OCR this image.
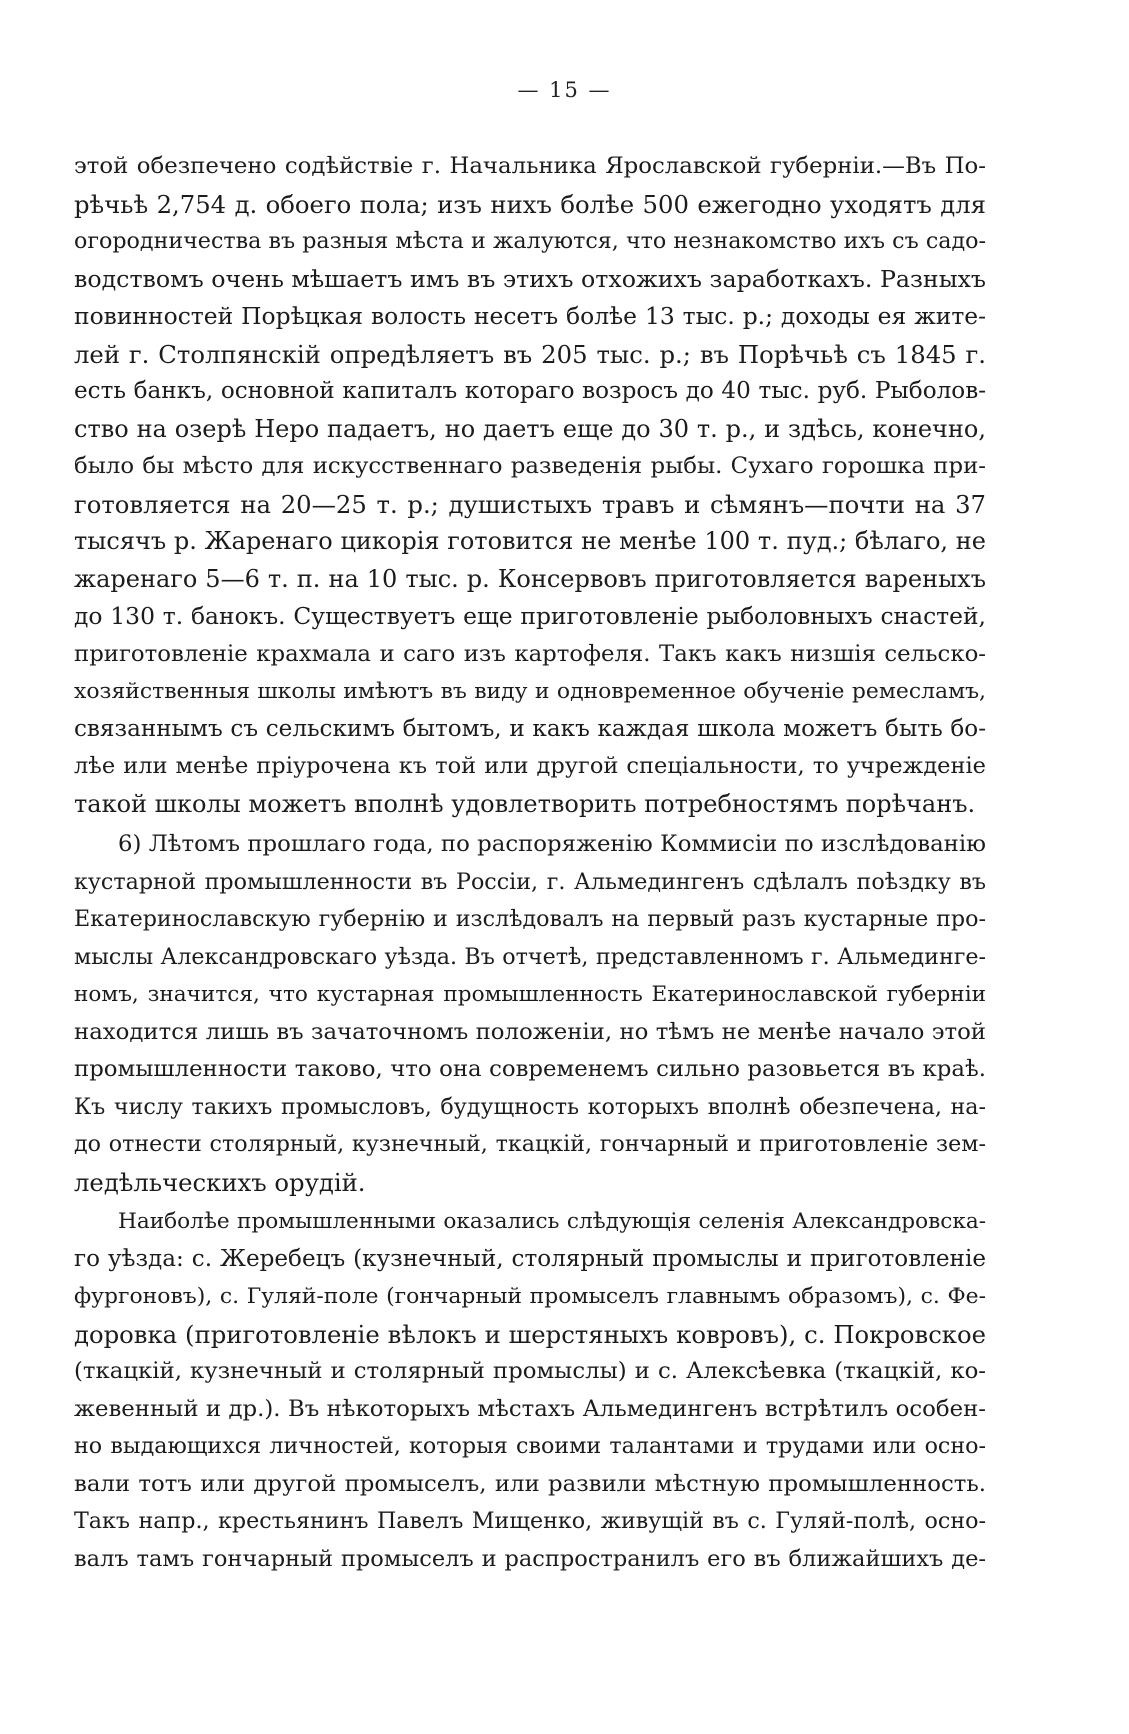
— 15 —
этой обезпечено содѣйствіе г. Начальника Ярославской губерніи.—Въ По-
рѣчьѣ 2,754 д. обоего пола; изъ нихъ болѣе 500 ежегодно уходятъ для
огородничества въ разныя мѣста и жалуются, что незнакомство ихъ съ садо-
водствомъ очень мѣшаетъ имъ въ этихъ отхожихъ заработкахъ. Разныхъ
повинностей Порѣцкая волость несетъ болѣе 13 тыс. р.; доходы ея жите-
лей г. Столпянскій опредѣляетъ въ 205 тыс. р.; въ Порѣчьѣ съ 1845 г.
есть банкъ, основной капиталъ котораго возросъ до 40 тыс. руб. Рыболов-
ство на озерѣ Неро падаетъ, но даетъ еще до 30 т. р., и здѣсь, конечно,
было бы мѣсто для искусственнаго разведенія рыбы. Сухаго горошка при-
готовляется на 20—25 т. р.; душистыхъ травъ и сѣмянъ—почти на 37
тысячъ р. Жаренаго цикорія готовится не менѣе 100 т. пуд.; бѣлаго, не
жаренаго 5—6 т. п. на 10 тыс. р. Консервовъ приготовляется вареныхъ
до 130 т. банокъ. Существуетъ еще приготовленіе рыболовныхъ снастей,
приготовленіе крахмала и саго изъ картофеля. Такъ какъ низшія сельско-
хозяйственныя школы имѣютъ въ виду и одновременное обученіе ремесламъ,
связаннымъ съ сельскимъ бытомъ, и какъ каждая школа можетъ быть бо-
лѣе или менѣе пріурочена къ той или другой спеціальности, то учрежденіе
такой школы можетъ вполнѣ удовлетворить потребностямъ порѣчанъ.
6) Лѣтомъ прошлаго года, по распоряженію Коммисіи по изслѣдованію
кустарной промышленности въ Россіи, г. Альмедингенъ сдѣлалъ поѣздку въ
Екатеринославскую губернію и изслѣдовалъ на первый разъ кустарные про-
мыслы Александровскаго уѣзда. Въ отчетѣ, представленномъ г. Альмединге-
номъ, значится, что кустарная промышленность Екатеринославской губерніи
находится лишь въ зачаточномъ положеніи, но тѣмъ не менѣе начало этой
промышленности таково, что она современемъ сильно разовьется въ краѣ.
Къ числу такихъ промысловъ, будущность которыхъ вполнѣ обезпечена, на-
до отнести столярный, кузнечный, ткацкій, гончарный и приготовленіе зем-
ледѣльческихъ орудій.
Наиболѣе промышленными оказались слѣдующія селенія Александровска-
го уѣзда: с. Жеребецъ (кузнечный, столярный промыслы и приготовленіе
фургоновъ), с. Гуляй-поле (гончарный промыселъ главнымъ образомъ), с. Фе-
доровка (приготовленіе вѣлокъ и шерстяныхъ ковровъ), с. Покровское
(ткацкій, кузнечный и столярный промыслы) и с. Алексѣевка (ткацкій, ко-
жевенный и др.). Въ нѣкоторыхъ мѣстахъ Альмедингенъ встрѣтилъ особен-
но выдающихся личностей, которыя своими талантами и трудами или осно-
вали тотъ или другой промыселъ, или развили мѣстную промышленность.
Такъ напр., крестьянинъ Павелъ Мищенко, живущій въ с. Гуляй-полѣ, осно-
валъ тамъ гончарный промыселъ и распространилъ его въ ближайшихъ де-
